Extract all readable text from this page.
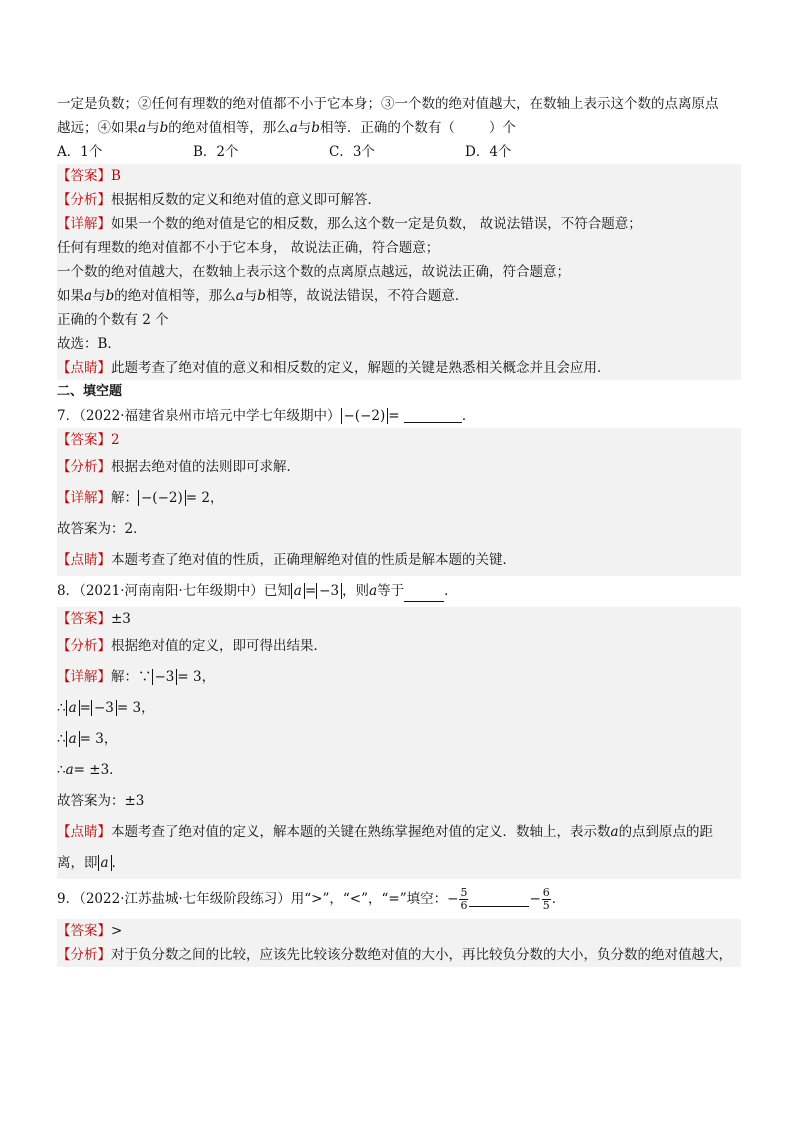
一定是负数；②任何有理数的绝对值都不小于它本身；③一个数的绝对值越大，在数轴上表示这个数的点离原点
越远；④如果a与b的绝对值相等，那么a与b相等．正确的个数有（	）个
A．1个	B．2个	C．3个	D．4个
【答案】B
【分析】根据相反数的定义和绝对值的意义即可解答．
【详解】如果一个数的绝对值是它的相反数，那么这个数一定是负数， 故说法错误，不符合题意；
任何有理数的绝对值都不小于它本身， 故说法正确，符合题意；
一个数的绝对值越大，在数轴上表示这个数的点离原点越远，故说法正确，符合题意；
如果a与b的绝对值相等，那么a与b相等，故说法错误，不符合题意．
正确的个数有 2 个
故选：B．
【点睛】此题考查了绝对值的意义和相反数的定义，解题的关键是熟悉相关概念并且会应用．
二、填空题
7．（2022·福建省泉州市培元中学七年级期中） −(−2) =	．
【答案】2
【分析】根据去绝对值的法则即可求解．
【详解】解： −(−2) = 2，
故答案为：2．
【点睛】本题考查了绝对值的性质，正确理解绝对值的性质是解本题的关键．
8．（2021·河南南阳·七年级期中）已知 a = −3 ，则a等于	．
【答案】±3
【分析】根据绝对值的定义，即可得出结果．
【详解】解：∵ −3 = 3，
∴ a = −3 = 3，
∴ a = 3，
∴a= ±3．
故答案为：±3
【点睛】本题考查了绝对值的定义，解本题的关键在熟练掌握绝对值的定义．数轴上，表示数a的点到原点的距
离，即 a ．
9．（2022·江苏盐城·七年级阶段练习）用“>”，“<”，“=”填空：− $\frac{5}{6}$	− $\frac{6}{5}$ ．
【答案】>
【分析】对于负分数之间的比较，应该先比较该分数绝对值的大小，再比较负分数的大小，负分数的绝对值越大，
